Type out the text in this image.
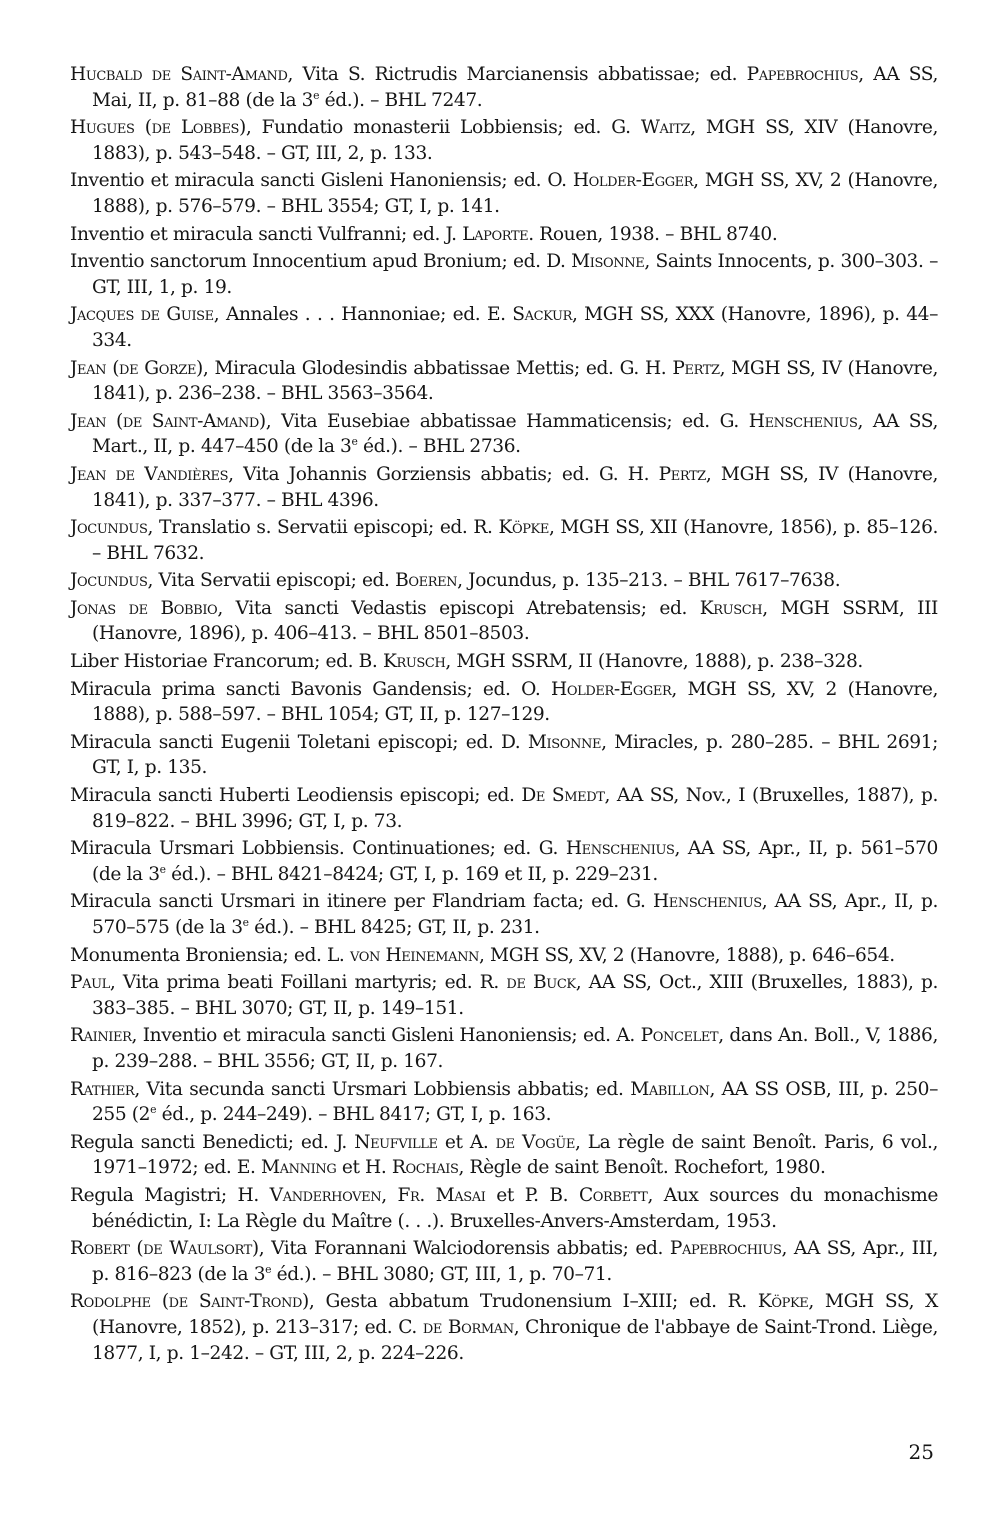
Hucbald de Saint-Amand, Vita S. Rictrudis Marcianensis abbatissae; ed. Papebrochius, AA SS, Mai, II, p. 81–88 (de la 3e éd.). – BHL 7247.

Hugues (de Lobbes), Fundatio monasterii Lobbiensis; ed. G. Waitz, MGH SS, XIV (Hanovre, 1883), p. 543–548. – GT, III, 2, p. 133.

Inventio et miracula sancti Gisleni Hanoniensis; ed. O. Holder-Egger, MGH SS, XV, 2 (Hanovre, 1888), p. 576–579. – BHL 3554; GT, I, p. 141.

Inventio et miracula sancti Vulfranni; ed. J. Laporte. Rouen, 1938. – BHL 8740.

Inventio sanctorum Innocentium apud Bronium; ed. D. Misonne, Saints Innocents, p. 300–303. – GT, III, 1, p. 19.

Jacques de Guise, Annales . . . Hannoniae; ed. E. Sackur, MGH SS, XXX (Hanovre, 1896), p. 44–334.

Jean (de Gorze), Miracula Glodesindis abbatissae Mettis; ed. G. H. Pertz, MGH SS, IV (Hanovre, 1841), p. 236–238. – BHL 3563–3564.

Jean (de Saint-Amand), Vita Eusebiae abbatissae Hammaticensis; ed. G. Henschenius, AA SS, Mart., II, p. 447–450 (de la 3e éd.). – BHL 2736.

Jean de Vandières, Vita Johannis Gorziensis abbatis; ed. G. H. Pertz, MGH SS, IV (Hanovre, 1841), p. 337–377. – BHL 4396.

Jocundus, Translatio s. Servatii episcopi; ed. R. Köpke, MGH SS, XII (Hanovre, 1856), p. 85–126. – BHL 7632.

Jocundus, Vita Servatii episcopi; ed. Boeren, Jocundus, p. 135–213. – BHL 7617–7638.

Jonas de Bobbio, Vita sancti Vedastis episcopi Atrebatensis; ed. Krusch, MGH SSRM, III (Hanovre, 1896), p. 406–413. – BHL 8501–8503.

Liber Historiae Francorum; ed. B. Krusch, MGH SSRM, II (Hanovre, 1888), p. 238–328.

Miracula prima sancti Bavonis Gandensis; ed. O. Holder-Egger, MGH SS, XV, 2 (Hanovre, 1888), p. 588–597. – BHL 1054; GT, II, p. 127–129.

Miracula sancti Eugenii Toletani episcopi; ed. D. Misonne, Miracles, p. 280–285. – BHL 2691; GT, I, p. 135.

Miracula sancti Huberti Leodiensis episcopi; ed. De Smedt, AA SS, Nov., I (Bruxelles, 1887), p. 819–822. – BHL 3996; GT, I, p. 73.

Miracula Ursmari Lobbiensis. Continuationes; ed. G. Henschenius, AA SS, Apr., II, p. 561–570 (de la 3e éd.). – BHL 8421–8424; GT, I, p. 169 et II, p. 229–231.

Miracula sancti Ursmari in itinere per Flandriam facta; ed. G. Henschenius, AA SS, Apr., II, p. 570–575 (de la 3e éd.). – BHL 8425; GT, II, p. 231.

Monumenta Broniensia; ed. L. von Heinemann, MGH SS, XV, 2 (Hanovre, 1888), p. 646–654.

Paul, Vita prima beati Foillani martyris; ed. R. de Buck, AA SS, Oct., XIII (Bruxelles, 1883), p. 383–385. – BHL 3070; GT, II, p. 149–151.

Rainier, Inventio et miracula sancti Gisleni Hanoniensis; ed. A. Poncelet, dans An. Boll., V, 1886, p. 239–288. – BHL 3556; GT, II, p. 167.

Rathier, Vita secunda sancti Ursmari Lobbiensis abbatis; ed. Mabillon, AA SS OSB, III, p. 250–255 (2e éd., p. 244–249). – BHL 8417; GT, I, p. 163.

Regula sancti Benedicti; ed. J. Neufville et A. de Vogüe, La règle de saint Benoît. Paris, 6 vol., 1971–1972; ed. E. Manning et H. Rochais, Règle de saint Benoît. Rochefort, 1980.

Regula Magistri; H. Vanderhoven, Fr. Masai et P. B. Corbett, Aux sources du monachisme bénédictin, I: La Règle du Maître (. . .). Bruxelles-Anvers-Amsterdam, 1953.

Robert (de Waulsort), Vita Forannani Walciodorensis abbatis; ed. Papebrochius, AA SS, Apr., III, p. 816–823 (de la 3e éd.). – BHL 3080; GT, III, 1, p. 70–71.

Rodolphe (de Saint-Trond), Gesta abbatum Trudonensium I–XIII; ed. R. Köpke, MGH SS, X (Hanovre, 1852), p. 213–317; ed. C. de Borman, Chronique de l'abbaye de Saint-Trond. Liège, 1877, I, p. 1–242. – GT, III, 2, p. 224–226.

25
